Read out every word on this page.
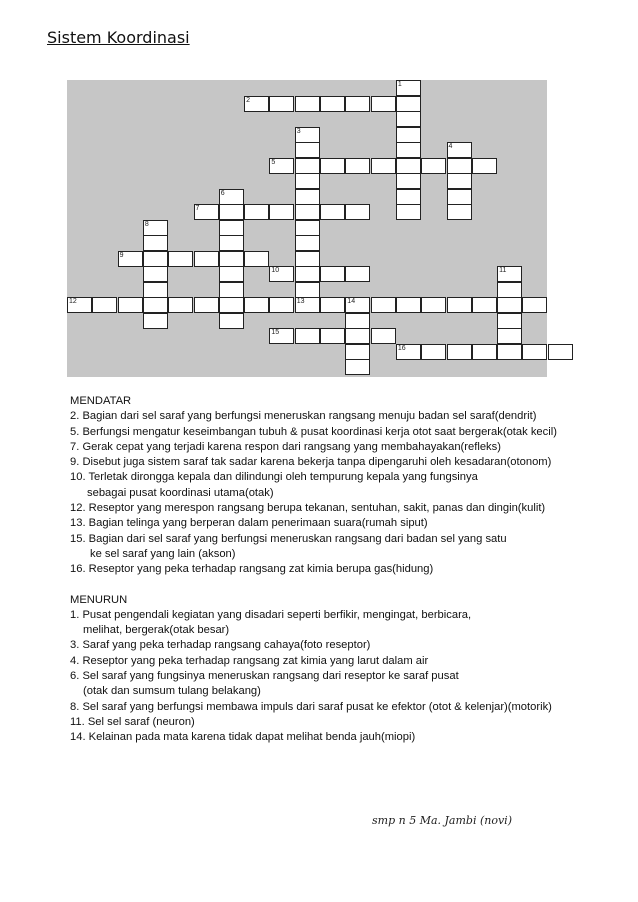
Sistem Koordinasi
1
2
3
4
5
6
7
8
9
10	11
12	13	14
15
16
MENDATAR
2. Bagian dari sel saraf yang berfungsi meneruskan rangsang menuju badan sel saraf(dendrit)
5. Berfungsi mengatur keseimbangan tubuh & pusat koordinasi kerja otot saat bergerak(otak kecil)
7. Gerak cepat yang terjadi karena respon dari rangsang yang membahayakan(refleks)
9. Disebut juga sistem saraf tak sadar karena bekerja tanpa dipengaruhi oleh kesadaran(otonom)
10. Terletak dirongga kepala dan dilindungi oleh tempurung kepala yang fungsinya
sebagai pusat koordinasi utama(otak)
12. Reseptor yang merespon rangsang berupa tekanan, sentuhan, sakit, panas dan dingin(kulit)
13. Bagian telinga yang berperan dalam penerimaan suara(rumah siput)
15. Bagian dari sel saraf yang berfungsi meneruskan rangsang dari badan sel yang satu
ke sel saraf yang lain (akson)
16. Reseptor yang peka terhadap rangsang zat kimia berupa gas(hidung)
MENURUN
1. Pusat pengendali kegiatan yang disadari seperti berfikir, mengingat, berbicara,
melihat, bergerak(otak besar)
3. Saraf yang peka terhadap rangsang cahaya(foto reseptor)
4. Reseptor yang peka terhadap rangsang zat kimia yang larut dalam air
6. Sel saraf yang fungsinya meneruskan rangsang dari reseptor ke saraf pusat
(otak dan sumsum tulang belakang)
8. Sel saraf yang berfungsi membawa impuls dari saraf pusat ke efektor (otot & kelenjar)(motorik)
11. Sel sel saraf (neuron)
14. Kelainan pada mata karena tidak dapat melihat benda jauh(miopi)
smp n 5 Ma. Jambi (novi)
